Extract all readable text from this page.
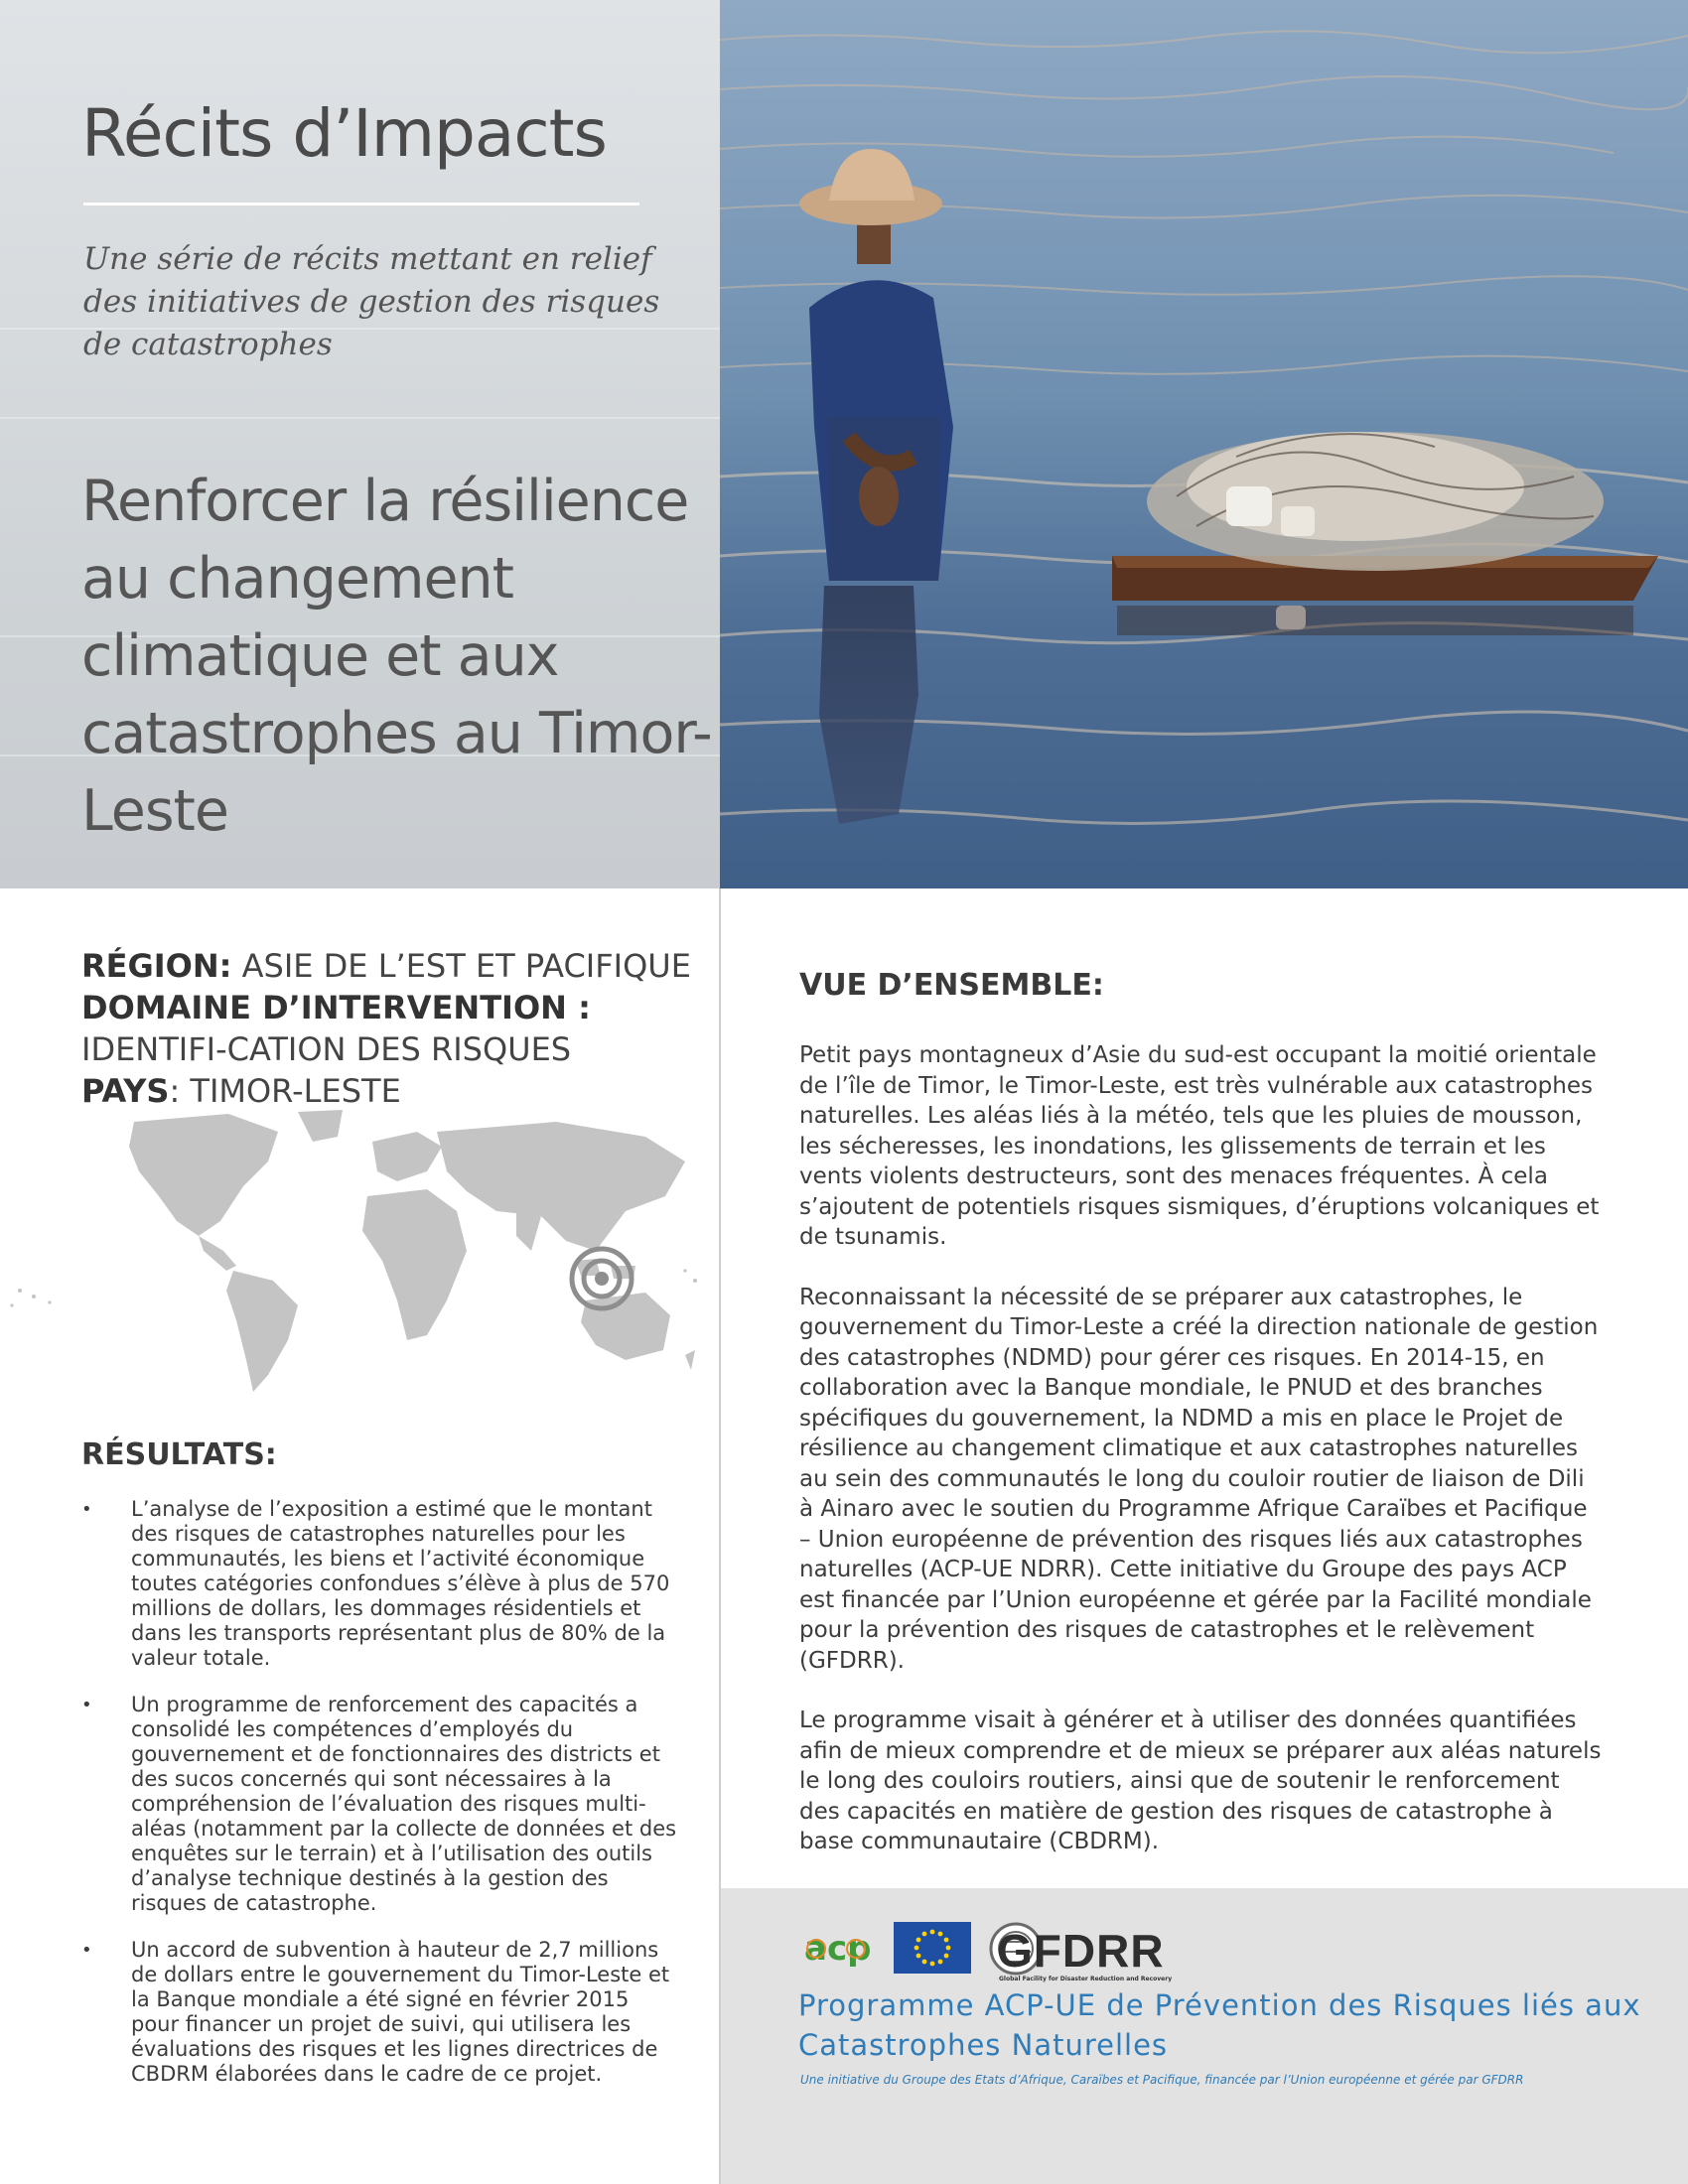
Récits d’Impacts

Une série de récits mettant en relief des initiatives de gestion des risques de catastrophes

Renforcer la résilience au changement climatique et aux catastrophes au Timor-Leste
RÉGION: ASIE DE L’EST ET PACIFIQUE
DOMAINE D’INTERVENTION : IDENTIFI-CATION DES RISQUES
PAYS: TIMOR-LESTE
RÉSULTATS:
• L’analyse de l’exposition a estimé que le montant des risques de catastrophes naturelles pour les communautés, les biens et l’activité économique toutes catégories confondues s’élève à plus de 570 millions de dollars, les dommages résidentiels et dans les transports représentant plus de 80% de la valeur totale.
• Un programme de renforcement des capacités a consolidé les compétences d’employés du gouvernement et de fonctionnaires des districts et des sucos concernés qui sont nécessaires à la compréhension de l’évaluation des risques multi-aléas (notamment par la collecte de données et des enquêtes sur le terrain) et à l’utilisation des outils d’analyse technique destinés à la gestion des risques de catastrophe.
• Un accord de subvention à hauteur de 2,7 millions de dollars entre le gouvernement du Timor-Leste et la Banque mondiale a été signé en février 2015 pour financer un projet de suivi, qui utilisera les évaluations des risques et les lignes directrices de CBDRM élaborées dans le cadre de ce projet.
VUE D’ENSEMBLE:

Petit pays montagneux d’Asie du sud-est occupant la moitié orientale de l’île de Timor, le Timor-Leste, est très vulnérable aux catastrophes naturelles. Les aléas liés à la météo, tels que les pluies de mousson, les sécheresses, les inondations, les glissements de terrain et les vents violents destructeurs, sont des menaces fréquentes. À cela s’ajoutent de potentiels risques sismiques, d’éruptions volcaniques et de tsunamis.

Reconnaissant la nécessité de se préparer aux catastrophes, le gouvernement du Timor-Leste a créé la direction nationale de gestion des catastrophes (NDMD) pour gérer ces risques. En 2014-15, en collaboration avec la Banque mondiale, le PNUD et des branches spécifiques du gouvernement, la NDMD a mis en place le Projet de résilience au changement climatique et aux catastrophes naturelles au sein des communautés le long du couloir routier de liaison de Dili à Ainaro avec le soutien du Programme Afrique Caraïbes et Pacifique – Union européenne de prévention des risques liés aux catastrophes naturelles (ACP-UE NDRR). Cette initiative du Groupe des pays ACP est financée par l’Union européenne et gérée par la Facilité mondiale pour la prévention des risques de catastrophes et le relèvement (GFDRR).

Le programme visait à générer et à utiliser des données quantifiées afin de mieux comprendre et de mieux se préparer aux aléas naturels le long des couloirs routiers, ainsi que de soutenir le renforcement des capacités en matière de gestion des risques de catastrophe à base communautaire (CBDRM).

acp	GFDRR
Global Facility for Disaster Reduction and Recovery
Programme ACP-UE de Prévention des Risques liés aux Catastrophes Naturelles
Une initiative du Groupe des Etats d’Afrique, Caraïbes et Pacifique, financée par l’Union européenne et gérée par GFDRR
